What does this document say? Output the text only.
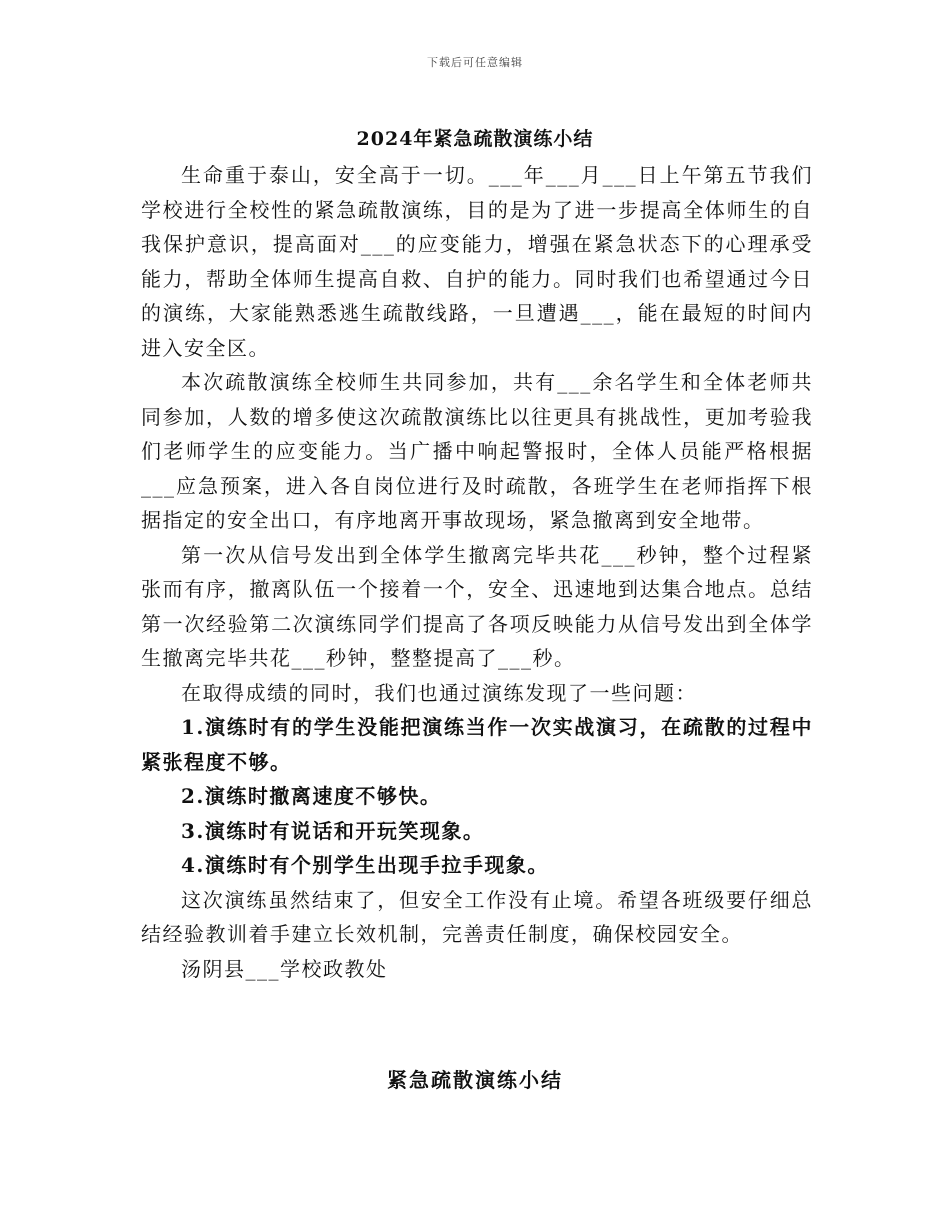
下载后可任意编辑
2024年紧急疏散演练小结

生命重于泰山，安全高于一切。___年___月___日上午第五节我们学校进行全校性的紧急疏散演练，目的是为了进一步提高全体师生的自我保护意识，提高面对___的应变能力，增强在紧急状态下的心理承受能力，帮助全体师生提高自救、自护的能力。同时我们也希望通过今日的演练，大家能熟悉逃生疏散线路，一旦遭遇___，能在最短的时间内进入安全区。

本次疏散演练全校师生共同参加，共有___余名学生和全体老师共同参加，人数的增多使这次疏散演练比以往更具有挑战性，更加考验我们老师学生的应变能力。当广播中响起警报时，全体人员能严格根据___应急预案，进入各自岗位进行及时疏散，各班学生在老师指挥下根据指定的安全出口，有序地离开事故现场，紧急撤离到安全地带。

第一次从信号发出到全体学生撤离完毕共花___秒钟，整个过程紧张而有序，撤离队伍一个接着一个，安全、迅速地到达集合地点。总结第一次经验第二次演练同学们提高了各项反映能力从信号发出到全体学生撤离完毕共花___秒钟，整整提高了___秒。

在取得成绩的同时，我们也通过演练发现了一些问题：

1.演练时有的学生没能把演练当作一次实战演习，在疏散的过程中紧张程度不够。

2.演练时撤离速度不够快。

3.演练时有说话和开玩笑现象。

4.演练时有个别学生出现手拉手现象。

这次演练虽然结束了，但安全工作没有止境。希望各班级要仔细总结经验教训着手建立长效机制，完善责任制度，确保校园安全。

汤阴县___学校政教处

紧急疏散演练小结
